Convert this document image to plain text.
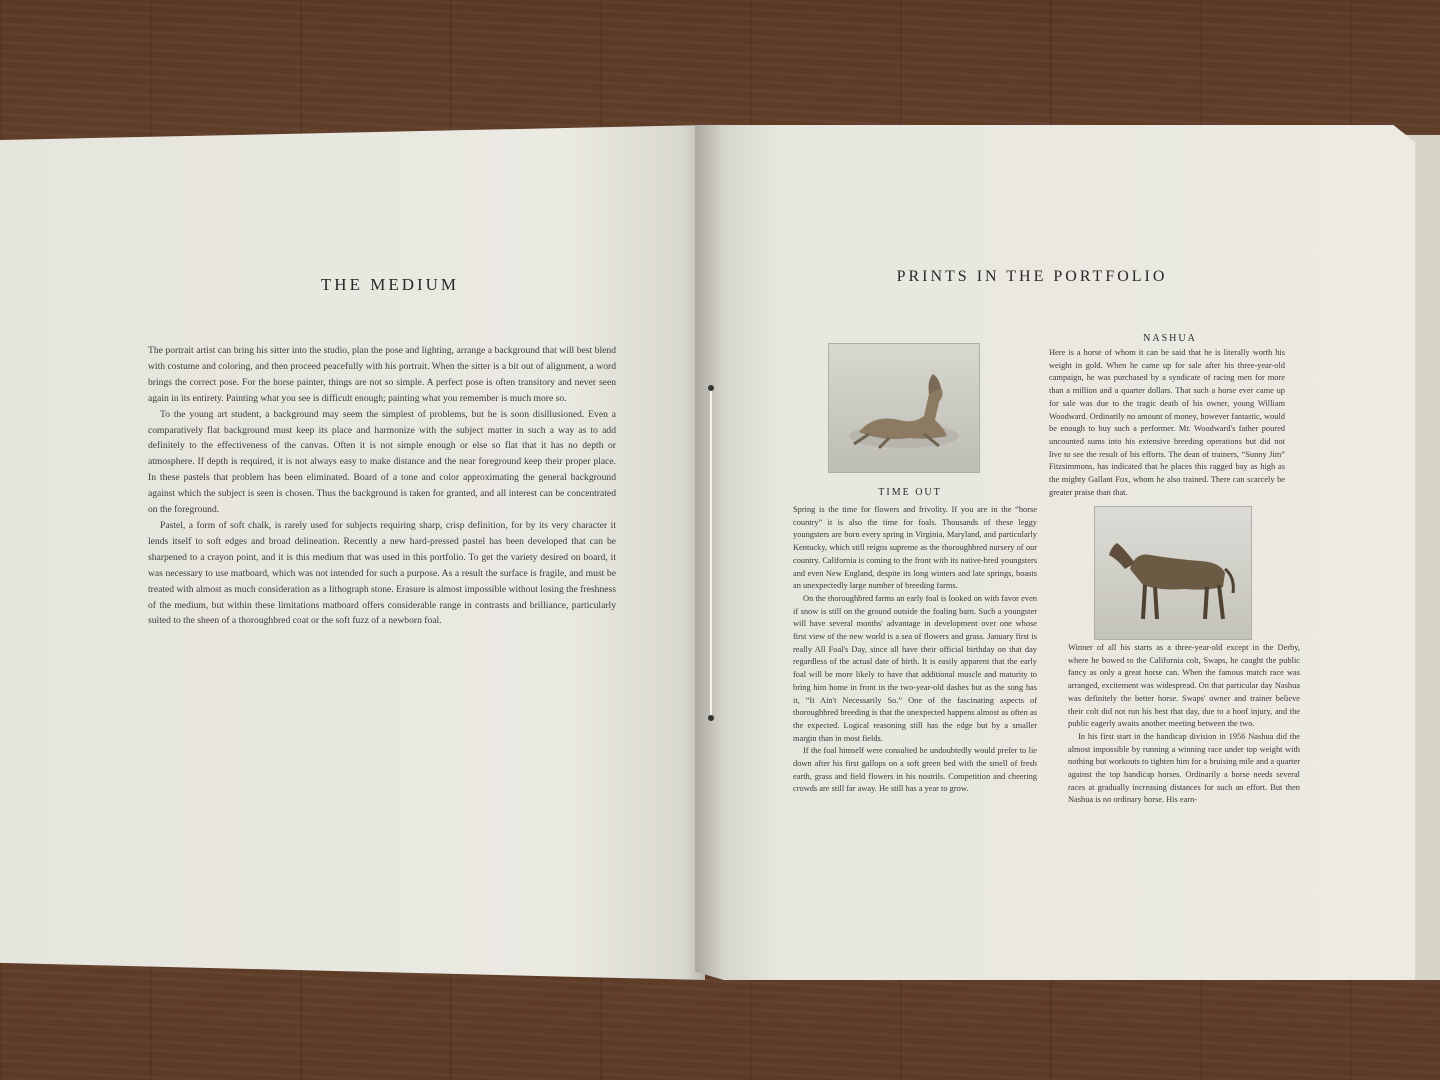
THE MEDIUM

The portrait artist can bring his sitter into the studio, plan the pose and lighting, arrange a background that will best blend with costume and coloring, and then proceed peacefully with his portrait. When the sitter is a bit out of alignment, a word brings the correct pose. For the horse painter, things are not so simple. A perfect pose is often transitory and never seen again in its entirety. Painting what you see is difficult enough; painting what you remember is much more so.

To the young art student, a background may seem the simplest of problems, but he is soon disillusioned. Even a comparatively flat background must keep its place and harmonize with the subject matter in such a way as to add definitely to the effectiveness of the canvas. Often it is not simple enough or else so flat that it has no depth or atmosphere. If depth is required, it is not always easy to make distance and the near foreground keep their proper place. In these pastels that problem has been eliminated. Board of a tone and color approximating the general background against which the subject is seen is chosen. Thus the background is taken for granted, and all interest can be concentrated on the foreground.

Pastel, a form of soft chalk, is rarely used for subjects requiring sharp, crisp definition, for by its very character it lends itself to soft edges and broad delineation. Recently a new hard-pressed pastel has been developed that can be sharpened to a crayon point, and it is this medium that was used in this portfolio. To get the variety desired on board, it was necessary to use matboard, which was not intended for such a purpose. As a result the surface is fragile, and must be treated with almost as much consideration as a lithograph stone. Erasure is almost impossible without losing the freshness of the medium, but within these limitations matboard offers considerable range in contrasts and brilliance, particularly suited to the sheen of a thoroughbred coat or the soft fuzz of a newborn foal.

PRINTS IN THE PORTFOLIO
TIME OUT

Spring is the time for flowers and frivolity. If you are in the “horse country” it is also the time for foals. Thousands of these leggy youngsters are born every spring in Virginia, Maryland, and particularly Kentucky, which still reigns supreme as the thoroughbred nursery of our country. California is coming to the front with its native-bred youngsters and even New England, despite its long winters and late springs, boasts an unexpectedly large number of breeding farms.

On the thoroughbred farms an early foal is looked on with favor even if snow is still on the ground outside the foaling barn. Such a youngster will have several months' advantage in development over one whose first view of the new world is a sea of flowers and grass. January first is really All Foal's Day, since all have their official birthday on that day regardless of the actual date of birth. It is easily apparent that the early foal will be more likely to have that additional muscle and maturity to bring him home in front in the two-year-old dashes but as the song has it, “It Ain't Necessarily So.” One of the fascinating aspects of thoroughbred breeding is that the unexpected happens almost as often as the expected. Logical reasoning still has the edge but by a smaller margin than in most fields.

If the foal himself were consulted he undoubtedly would prefer to lie down after his first gallops on a soft green bed with the smell of fresh earth, grass and field flowers in his nostrils. Competition and cheering crowds are still far away. He still has a year to grow.

NASHUA

Here is a horse of whom it can be said that he is literally worth his weight in gold. When he came up for sale after his three-year-old campaign, he was purchased by a syndicate of racing men for more than a million and a quarter dollars. That such a horse ever came up for sale was due to the tragic death of his owner, young William Woodward. Ordinarily no amount of money, however fantastic, would be enough to buy such a performer. Mr. Woodward's father poured uncounted sums into his extensive breeding operations but did not live to see the result of his efforts. The dean of trainers, “Sunny Jim” Fitzsimmons, has indicated that he places this ragged bay as high as the mighty Gallant Fox, whom he also trained. There can scarcely be greater praise than that.

Winner of all his starts as a three-year-old except in the Derby, where he bowed to the California colt, Swaps, he caught the public fancy as only a great horse can. When the famous match race was arranged, excitement was widespread. On that particular day Nashua was definitely the better horse. Swaps' owner and trainer believe their colt did not run his best that day, due to a hoof injury, and the public eagerly awaits another meeting between the two.

In his first start in the handicap division in 1956 Nashua did the almost impossible by running a winning race under top weight with nothing but workouts to tighten him for a bruising mile and a quarter against the top handicap horses. Ordinarily a horse needs several races at gradually increasing distances for such an effort. But then Nashua is no ordinary horse. His earn-
